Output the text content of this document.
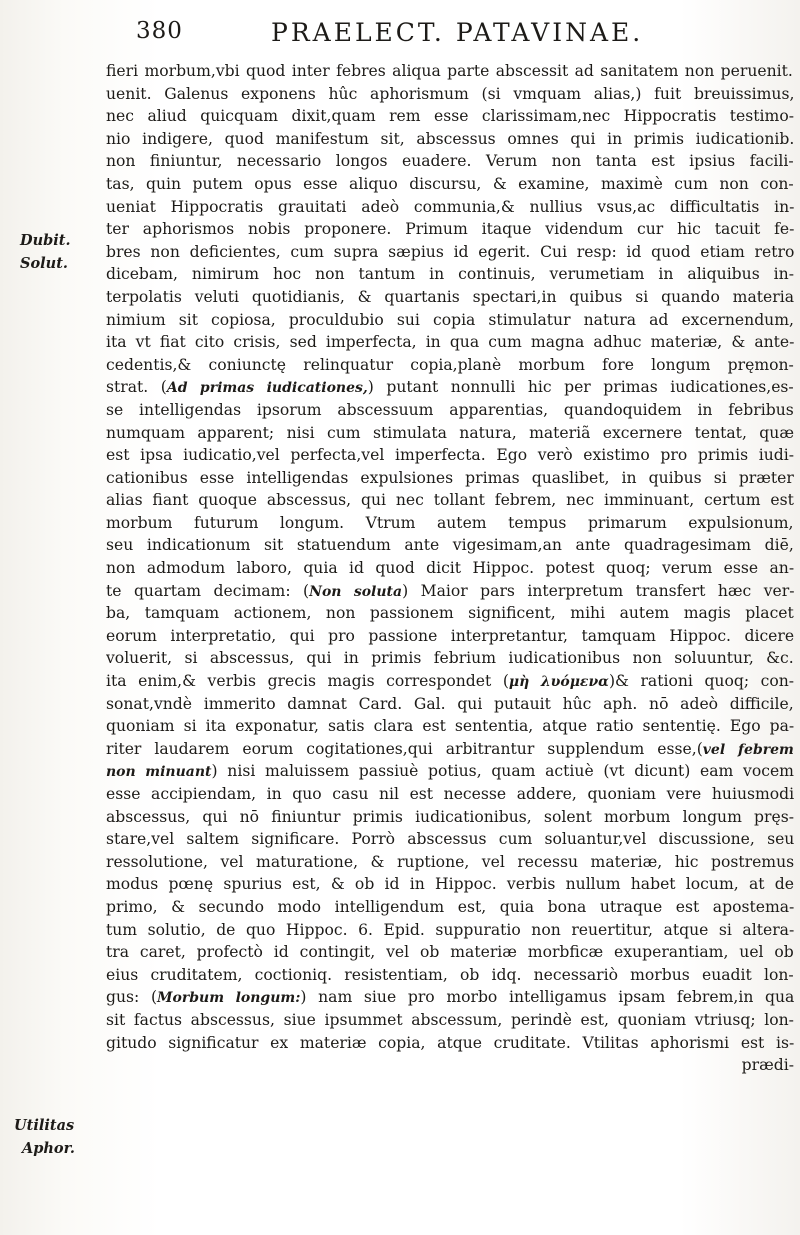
380	PRAELECT. PATAVINAE.
Dubit.
Solut.
Utilitas
Aphor.
fieri morbum,vbi quod inter febres aliqua parte abscessit ad sanitatem non peruenit.
uenit. Galenus exponens hûc aphorismum (si vmquam alias,) fuit breuissimus,
nec aliud quicquam dixit,quam rem esse clarissimam,nec Hippocratis testimo-
nio indigere, quod manifestum sit, abscessus omnes qui in primis iudicationib.
non finiuntur, necessario longos euadere. Verum non tanta est ipsius facili-
tas, quin putem opus esse aliquo discursu, & examine, maximè cum non con-
ueniat Hippocratis grauitati adeò communia,& nullius vsus,ac difficultatis in-
ter aphorismos nobis proponere. Primum itaque videndum cur hic tacuit fe-
bres non deficientes, cum supra sæpius id egerit. Cui resp: id quod etiam retro
dicebam, nimirum hoc non tantum in continuis, verumetiam in aliquibus in-
terpolatis veluti quotidianis, & quartanis spectari,in quibus si quando materia
nimium sit copiosa, proculdubio sui copia stimulatur natura ad excernendum,
ita vt fiat cito crisis, sed imperfecta, in qua cum magna adhuc materiæ, & ante-
cedentis,& coniunctę relinquatur copia,planè morbum fore longum pręmon-
strat. (Ad primas iudicationes,) putant nonnulli hic per primas iudicationes,es-
se intelligendas ipsorum abscessuum apparentias, quandoquidem in febribus
numquam apparent; nisi cum stimulata natura, materiã excernere tentat, quæ
est ipsa iudicatio,vel perfecta,vel imperfecta. Ego verò existimo pro primis iudi-
cationibus esse intelligendas expulsiones primas quaslibet, in quibus si præter
alias fiant quoque abscessus, qui nec tollant febrem, nec imminuant, certum est
morbum futurum longum. Vtrum autem tempus primarum expulsionum,
seu indicationum sit statuendum ante vigesimam,an ante quadragesimam diē,
non admodum laboro, quia id quod dicit Hippoc. potest quoq; verum esse an-
te quartam decimam: (Non soluta) Maior pars interpretum transfert hæc ver-
ba, tamquam actionem, non passionem significent, mihi autem magis placet
eorum interpretatio, qui pro passione interpretantur, tamquam Hippoc. dicere
voluerit, si abscessus, qui in primis febrium iudicationibus non soluuntur, &c.
ita enim,& verbis grecis magis correspondet (μὴ λυόμενα)& rationi quoq; con-
sonat,vndè immerito damnat Card. Gal. qui putauit hûc aph. nō adeò difficile,
quoniam si ita exponatur, satis clara est sententia, atque ratio sententię. Ego pa-
riter laudarem eorum cogitationes,qui arbitrantur supplendum esse,(vel febrem
non minuant) nisi maluissem passiuè potius, quam actiuè (vt dicunt) eam vocem
esse accipiendam, in quo casu nil est necesse addere, quoniam vere huiusmodi
abscessus, qui nō finiuntur primis iudicationibus, solent morbum longum pręs-
stare,vel saltem significare. Porrò abscessus cum soluantur,vel discussione, seu
ressolutione, vel maturatione, & ruptione, vel recessu materiæ, hic postremus
modus pœnę spurius est, & ob id in Hippoc. verbis nullum habet locum, at de
primo, & secundo modo intelligendum est, quia bona utraque est apostema-
tum solutio, de quo Hippoc. 6. Epid. suppuratio non reuertitur, atque si altera-
tra caret, profectò id contingit, vel ob materiæ morbficæ exuperantiam, uel ob
eius cruditatem, coctioniq. resistentiam, ob idq. necessariò morbus euadit lon-
gus: (Morbum longum:) nam siue pro morbo intelligamus ipsam febrem,in qua
sit factus abscessus, siue ipsummet abscessum, perindè est, quoniam vtriusq; lon-
gitudo significatur ex materiæ copia, atque cruditate. Vtilitas aphorismi est is-
prædi-
